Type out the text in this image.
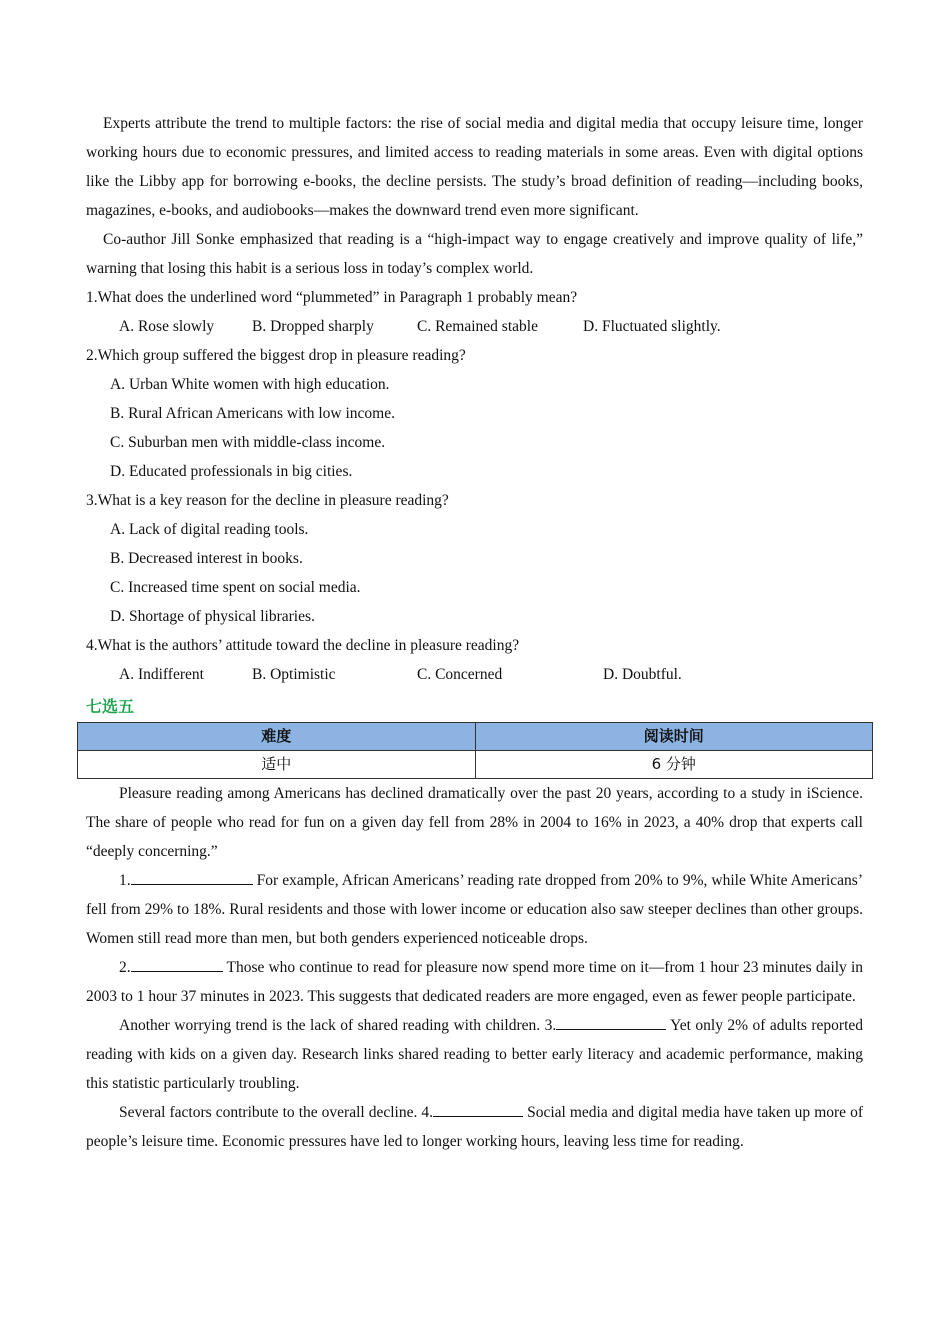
Experts attribute the trend to multiple factors: the rise of social media and digital media that occupy leisure time, longer working hours due to economic pressures, and limited access to reading materials in some areas. Even with digital options like the Libby app for borrowing e-books, the decline persists. The study’s broad definition of reading—including books, magazines, e-books, and audiobooks—makes the downward trend even more significant.

Co-author Jill Sonke emphasized that reading is a “high-impact way to engage creatively and improve quality of life,” warning that losing this habit is a serious loss in today’s complex world.

1.What does the underlined word “plummeted” in Paragraph 1 probably mean?

A. Rose slowly	B. Dropped sharply	C. Remained stable	D. Fluctuated slightly.

2.Which group suffered the biggest drop in pleasure reading?

A. Urban White women with high education.

B. Rural African Americans with low income.

C. Suburban men with middle-class income.

D. Educated professionals in big cities.

3.What is a key reason for the decline in pleasure reading?

A. Lack of digital reading tools.

B. Decreased interest in books.

C. Increased time spent on social media.

D. Shortage of physical libraries.

4.What is the authors’ attitude toward the decline in pleasure reading?

A. Indifferent	B. Optimistic	C. Concerned	D. Doubtful.
七选五
难度	阅读时间
适中	6 分钟

Pleasure reading among Americans has declined dramatically over the past 20 years, according to a study in iScience. The share of people who read for fun on a given day fell from 28% in 2004 to 16% in 2023, a 40% drop that experts call “deeply concerning.”

1.	For example, African Americans’ reading rate dropped from 20% to 9%, while White Americans’ fell from 29% to 18%. Rural residents and those with lower income or education also saw steeper declines than other groups. Women still read more than men, but both genders experienced noticeable drops.

2.	Those who continue to read for pleasure now spend more time on it—from 1 hour 23 minutes daily in 2003 to 1 hour 37 minutes in 2023. This suggests that dedicated readers are more engaged, even as fewer people participate.

Another worrying trend is the lack of shared reading with children. 3.	Yet only 2% of adults reported reading with kids on a given day. Research links shared reading to better early literacy and academic performance, making this statistic particularly troubling.

Several factors contribute to the overall decline. 4.	Social media and digital media have taken up more of people’s leisure time. Economic pressures have led to longer working hours, leaving less time for reading.
